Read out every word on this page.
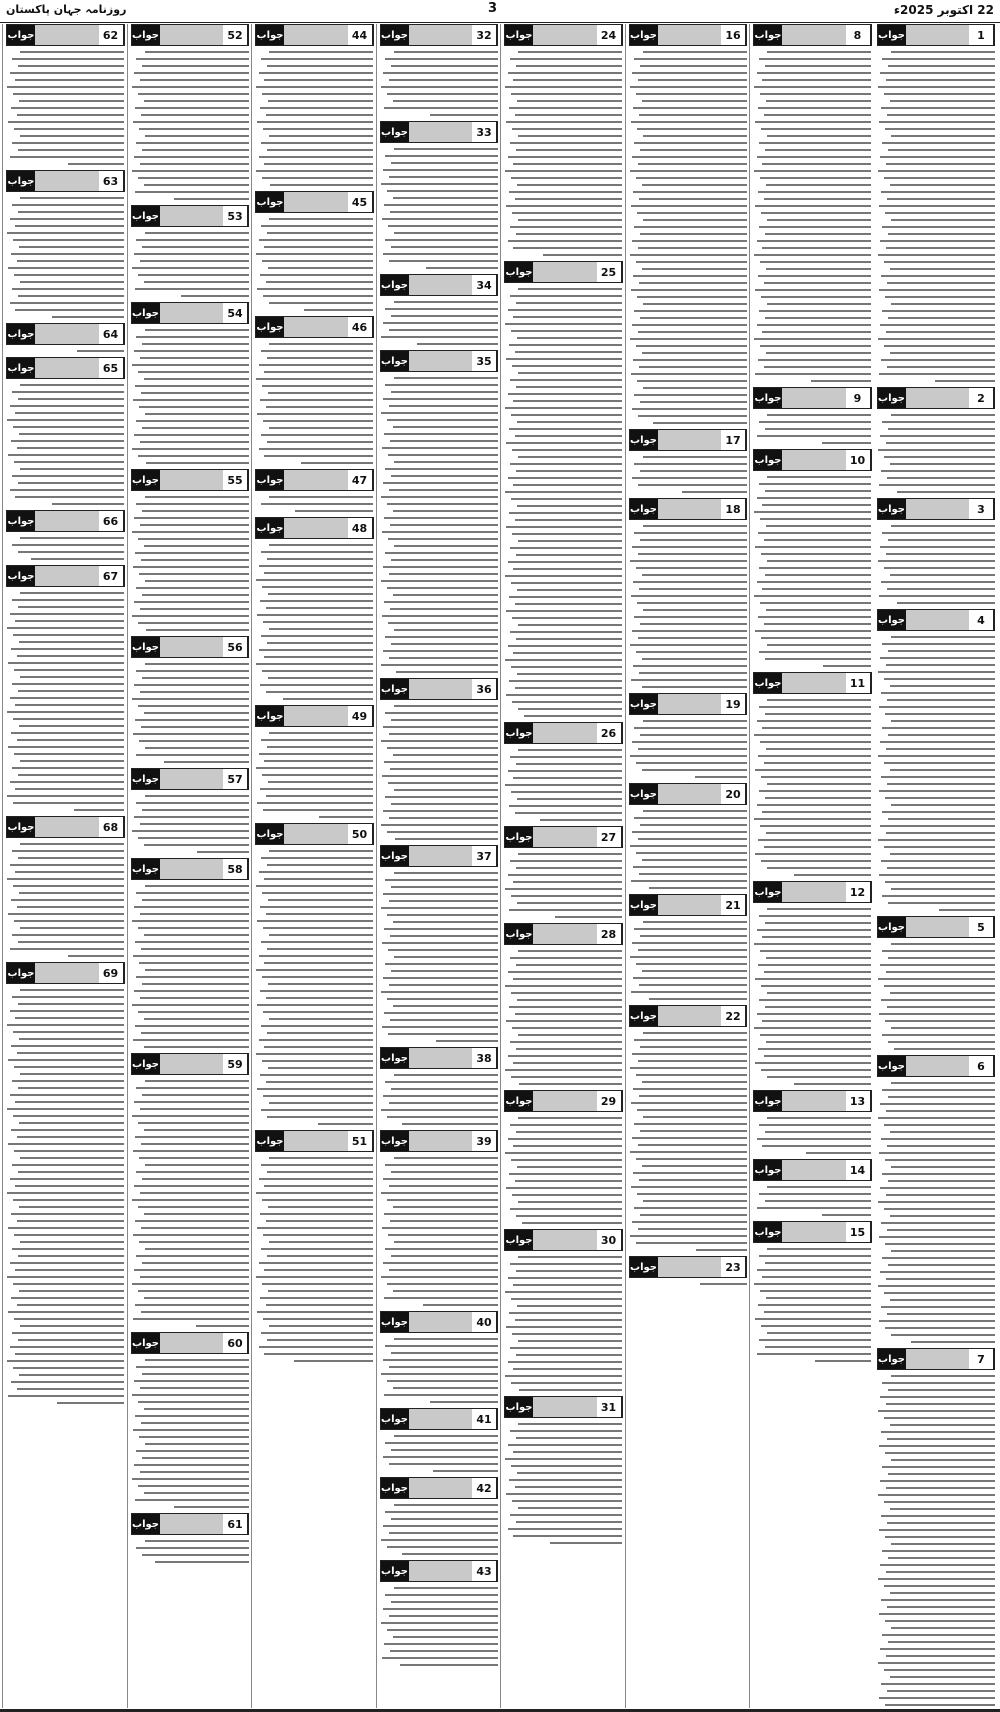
روزنامہ جہان پاکستان	3	22 اکتوبر 2025ء
جواب	1
جواب	2
جواب	3
جواب	4
جواب	5
جواب	6
جواب	7
جواب	8
جواب	9
جواب	10
جواب	11
جواب	12
جواب	13
جواب	14
جواب	15
جواب	16
جواب	17
جواب	18
جواب	19
جواب	20
جواب	21
جواب	22
جواب	23
جواب	24
جواب	25
جواب	26
جواب	27
جواب	28
جواب	29
جواب	30
جواب	31
جواب	32
جواب	33
جواب	34
جواب	35
جواب	36
جواب	37
جواب	38
جواب	39
جواب	40
جواب	41
جواب	42
جواب	43
جواب	44
جواب	45
جواب	46
جواب	47
جواب	48
جواب	49
جواب	50
جواب	51
جواب	52
جواب	53
جواب	54
جواب	55
جواب	56
جواب	57
جواب	58
جواب	59
جواب	60
جواب	61
جواب	62
جواب	63
جواب	64
جواب	65
جواب	66
جواب	67
جواب	68
جواب	69
